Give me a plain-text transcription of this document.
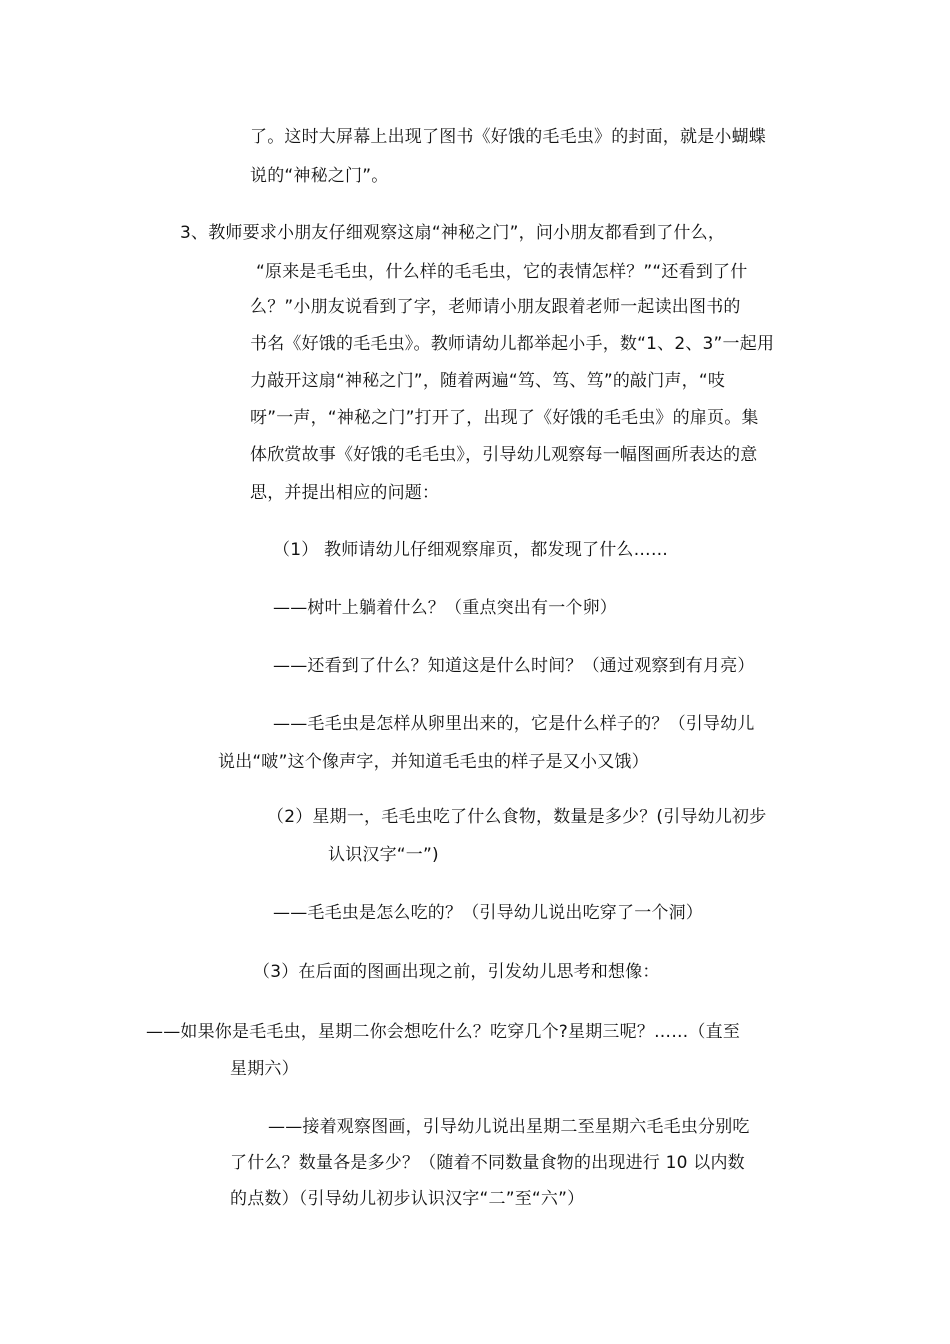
了。这时大屏幕上出现了图书《好饿的毛毛虫》的封面，就是小蝴蝶
说的“神秘之门”。
3、教师要求小朋友仔细观察这扇“神秘之门”，问小朋友都看到了什么，
“原来是毛毛虫，什么样的毛毛虫，它的表情怎样？”“还看到了什
么？”小朋友说看到了字，老师请小朋友跟着老师一起读出图书的
书名《好饿的毛毛虫》。教师请幼儿都举起小手，数“1、2、3”一起用
力敲开这扇“神秘之门”，随着两遍“笃、笃、笃”的敲门声，“吱
呀”一声，“神秘之门”打开了，出现了《好饿的毛毛虫》的扉页。集
体欣赏故事《好饿的毛毛虫》，引导幼儿观察每一幅图画所表达的意
思，并提出相应的问题：
（1） 教师请幼儿仔细观察扉页，都发现了什么……
——树叶上躺着什么？（重点突出有一个卵）
——还看到了什么？知道这是什么时间？（通过观察到有月亮）
——毛毛虫是怎样从卵里出来的，它是什么样子的？（引导幼儿
说出“啵”这个像声字，并知道毛毛虫的样子是又小又饿）
（2）星期一，毛毛虫吃了什么食物，数量是多少？(引导幼儿初步
认识汉字“一”)
——毛毛虫是怎么吃的？（引导幼儿说出吃穿了一个洞）
（3）在后面的图画出现之前，引发幼儿思考和想像：
——如果你是毛毛虫，星期二你会想吃什么？吃穿几个?星期三呢？……（直至
星期六）
——接着观察图画，引导幼儿说出星期二至星期六毛毛虫分别吃
了什么？数量各是多少？（随着不同数量食物的出现进行 10 以内数
的点数）（引导幼儿初步认识汉字“二”至“六”）
